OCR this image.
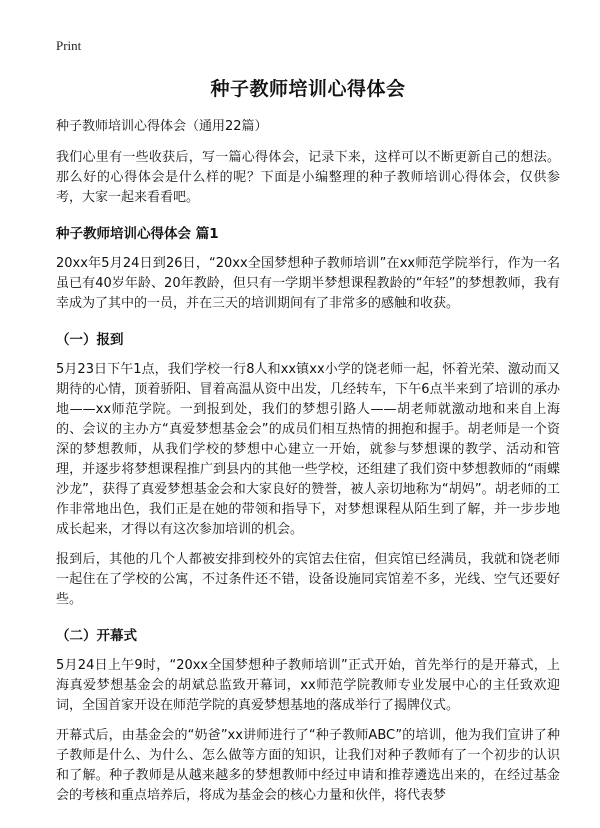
Print
种子教师培训心得体会
种子教师培训心得体会（通用22篇）

我们心里有一些收获后，写一篇心得体会，记录下来，这样可以不断更新自己的想法。那么好的心得体会是什么样的呢？下面是小编整理的种子教师培训心得体会，仅供参考，大家一起来看看吧。

种子教师培训心得体会 篇1

20xx年5月24日到26日，“20xx全国梦想种子教师培训”在xx师范学院举行，作为一名虽已有40岁年龄、20年教龄，但只有一学期半梦想课程教龄的“年轻”的梦想教师，我有幸成为了其中的一员，并在三天的培训期间有了非常多的感触和收获。

（一）报到

5月23日下午1点，我们学校一行8人和xx镇xx小学的饶老师一起，怀着光荣、激动而又期待的心情，顶着骄阳、冒着高温从资中出发，几经转车，下午6点半来到了培训的承办地——xx师范学院。一到报到处，我们的梦想引路人——胡老师就激动地和来自上海的、会议的主办方“真爱梦想基金会”的成员们相互热情的拥抱和握手。胡老师是一个资深的梦想教师，从我们学校的梦想中心建立一开始，就参与梦想课的教学、活动和管理，并逐步将梦想课程推广到县内的其他一些学校，还组建了我们资中梦想教师的“雨蝶沙龙”，获得了真爱梦想基金会和大家良好的赞誉，被人亲切地称为“胡妈”。胡老师的工作非常地出色，我们正是在她的带领和指导下，对梦想课程从陌生到了解，并一步步地成长起来，才得以有这次参加培训的机会。

报到后，其他的几个人都被安排到校外的宾馆去住宿，但宾馆已经满员，我就和饶老师一起住在了学校的公寓，不过条件还不错，设备设施同宾馆差不多，光线、空气还要好些。

（二）开幕式

5月24日上午9时，“20xx全国梦想种子教师培训”正式开始，首先举行的是开幕式，上海真爱梦想基金会的胡斌总监致开幕词，xx师范学院教师专业发展中心的主任致欢迎词，全国首家开设在师范学院的真爱梦想基地的落成举行了揭牌仪式。

开幕式后，由基金会的“奶爸”xx讲师进行了“种子教师ABC”的培训，他为我们宣讲了种子教师是什么、为什么、怎么做等方面的知识，让我们对种子教师有了一个初步的认识和了解。种子教师是从越来越多的梦想教师中经过申请和推荐遴选出来的，在经过基金会的考核和重点培养后，将成为基金会的核心力量和伙伴，将代表梦
